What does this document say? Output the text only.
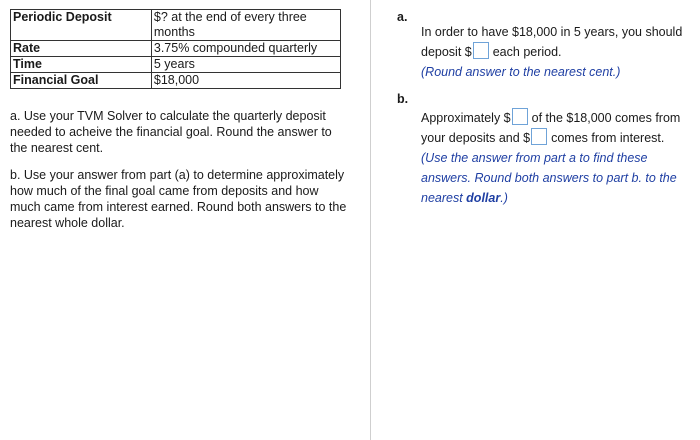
Periodic Deposit	$? at the end of every three months
Rate	3.75% compounded quarterly
Time	5 years
Financial Goal	$18,000
a. Use your TVM Solver to calculate the quarterly deposit needed to acheive the financial goal. Round the answer to the nearest cent.
b. Use your answer from part (a) to determine approximately how much of the final goal came from deposits and how much came from interest earned. Round both answers to the nearest whole dollar.
a.
In order to have $18,000 in 5 years, you should deposit $ each period.
(Round answer to the nearest cent.)
b.
Approximately $ of the $18,000 comes from your deposits and $ comes from interest.
(Use the answer from part a to find these answers. Round both answers to part b. to the nearest dollar.)
